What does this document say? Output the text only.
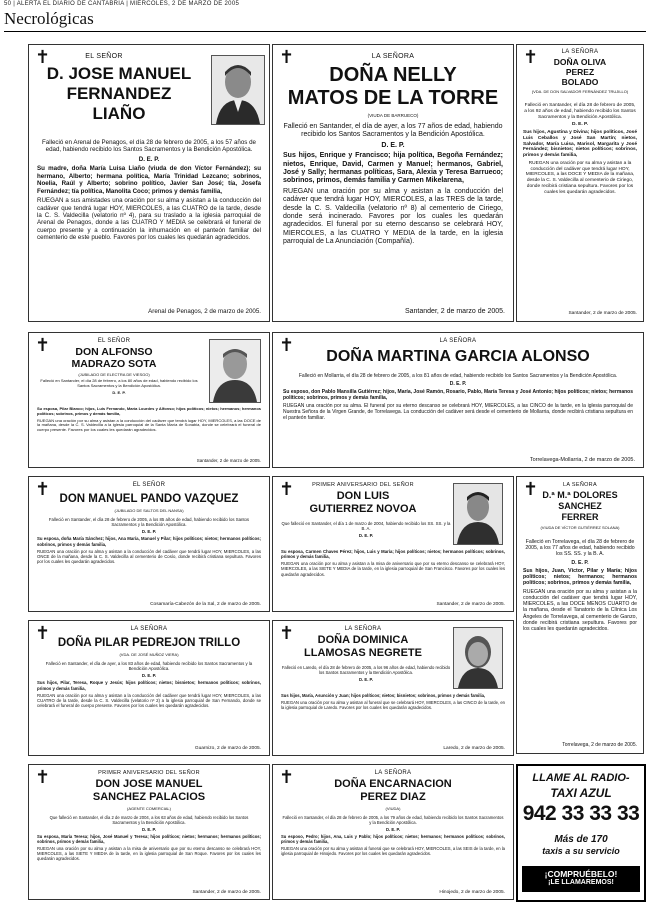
50 | ALERTA EL DIARIO DE CANTABRIA | MIÉRCOLES, 2 DE MARZO DE 2005
Necrológicas
✝	EL SEÑOR
D. JOSE MANUEL
FERNANDEZ
LIAÑO

Falleció en Arenal de Penagos, el día 28 de febrero de 2005, a los 57 años de edad, habiendo recibido los Santos Sacramentos y la Bendición Apostólica.

D. E. P.

Su madre, doña María Luisa Liaño (viuda de don Víctor Fernández); su hermano, Alberto; hermana política, María Trinidad Lezcano; sobrinos, Noelia, Raúl y Alberto; sobrino político, Javier San José; tía, Josefa Fernández; tía política, Manolita Coco; primos y demás familia,

RUEGAN a sus amistades una oración por su alma y asistan a la conducción del cadáver que tendrá lugar HOY, MIERCOLES, a las CUATRO de la tarde, desde la C. S. Valdecilla (velatorio nº 4), para su traslado a la iglesia parroquial de Arenal de Penagos, donde a las CUATRO Y MEDIA se celebrará el funeral de cuerpo presente y a continuación la inhumación en el panteón familiar del cementerio de este pueblo. Favores por los cuales les quedarán agradecidos.

Arenal de Penagos, 2 de marzo de 2005.
✝	LA SEÑORA
DOÑA NELLY
MATOS DE LA TORRE
(VIUDA DE BARRUECO)

Falleció en Santander, el día de ayer, a los 77 años de edad, habiendo recibido los Santos Sacramentos y la Bendición Apostólica.

D. E. P.

Sus hijos, Enrique y Francisco; hija política, Begoña Fernández; nietos, Enrique, David, Carmen y Manuel; hermanos, Gabriel, José y Sally; hermanas políticas, Sara, Alexia y Teresa Barrueco; sobrinos, primos, demás familia y Carmen Mikelarena,

RUEGAN una oración por su alma y asistan a la conducción del cadáver que tendrá lugar HOY, MIERCOLES, a las TRES de la tarde, desde la C. S. Valdecilla (velatorio nº 8) al cementerio de Ciriego, donde será incinerado. Favores por los cuales les quedarán agradecidos. El funeral por su eterno descanso se celebrará HOY, MIERCOLES, a las CUATRO Y MEDIA de la tarde, en la iglesia parroquial de La Anunciación (Compañía).

Santander, 2 de marzo de 2005.
✝	LA SEÑORA
DOÑA OLIVA
PEREZ
BOLADO
(VDA. DE DON SALVADOR FERNÁNDEZ TRUJILLO)

Falleció en Santander, el día 28 de febrero de 2005, a los 92 años de edad, habiendo recibido los Santos Sacramentos y la Bendición Apostólica.

D. E. P.

Sus hijos, Agustina y Divina; hijos políticos, José Luis Ceballos y José San Martín; nietos, Salvador, María Luisa, Marisol, Margarita y José Fernández; bisnietos; nietos políticos; sobrinos, primos y demás familia,

RUEGAN una oración por su alma y asistan a la conducción del cadáver que tendrá lugar HOY, MIERCOLES, a las DOCE Y MEDIA de la mañana, desde la C. S. Valdecilla al cementerio de Ciriego, donde recibirá cristiana sepultura. Favores por los cuales les quedarán agradecidos.

Santander, 2 de marzo de 2005.
✝	EL SEÑOR
DON ALFONSO
MADRAZO SOTA
(JUBILADO DE ELECTRA DE VIESGO)

Falleció en Santander, el día 28 de febrero, a los 80 años de edad, habiendo recibido los Santos Sacramentos y la Bendición Apostólica.

D. E. P.

Su esposa, Pilar Blanco; hijos, Luis Fernando, María Lourdes y Alfonso; hijos políticos; nietos; hermanos; hermanos políticos; sobrinos, primos y demás familia,

RUEGAN una oración por su alma y asistan a la conducción del cadáver que tendrá lugar HOY, MIERCOLES, a las DOCE de la mañana, desde la C. S. Valdecilla a la iglesia parroquial de la Santa María de Sonabia, donde se celebrará el funeral de cuerpo presente. Favores por los cuales les quedarán agradecidos.

Santander, 2 de marzo de 2005.
✝	LA SEÑORA
DOÑA MARTINA GARCIA ALONSO

Falleció en Mollarria, el día 28 de febrero de 2005, a los 81 años de edad, habiendo recibido los Santos Sacramentos y la Bendición Apostólica.

D. E. P.

Su esposo, don Pablo Mansilla Gutiérrez; hijos, María, José Ramón, Rosario, Pablo, María Teresa y José Antonio; hijos políticos; nietos; hermanos políticos; sobrinos, primos y demás familia,

RUEGAN una oración por su alma. El funeral por su eterno descanso se celebrará HOY, MIERCOLES, a las CINCO de la tarde, en la iglesia parroquial de Nuestra Señora de la Virgen Grande, de Torrelavega. La conducción del cadáver será desde el cementerio de Mollarria, donde recibirá cristiana sepultura en el panteón familiar.

Torrelavega-Mollarria, 2 de marzo de 2005.
✝	EL SEÑOR
DON MANUEL PANDO VAZQUEZ
(JUBILADO DE SALTOS DEL NANSA)

Falleció en Santander, el día 28 de febrero de 2005, a los 85 años de edad, habiendo recibido los Santos Sacramentos y la Bendición Apostólica.

D. E. P.

Su esposa, doña María Sánchez; hijos, Ana María, Manuel y Pilar; hijos políticos; nietos; hermanos políticos; sobrinos, primos y demás familia,

RUEGAN una oración por su alma y asistan a la conducción del cadáver que tendrá lugar HOY, MIERCOLES, a las ONCE de la mañana, desde la C. S. Valdecilla al cementerio de Cosío, donde recibirá cristiana sepultura. Favores por los cuales les quedarán agradecidos.

Cosamaría-Cabezón de la Sal, 2 de marzo de 2005.
✝	PRIMER ANIVERSARIO DEL SEÑOR
DON LUIS
GUTIERREZ NOVOA

Que falleció en Santander, el día 1 de marzo de 2004, habiendo recibido los SS. SS. y la B. A.

D. E. P.

Su esposa, Carmen Chaves Pérez; hijos, Luis y María; hijos políticos; nietos; hermanos políticos; sobrinos, primos y demás familia,

RUEGAN una oración por su alma y asistan a la misa de aniversario que por su eterno descanso se celebrará HOY, MIERCOLES, a las SIETE Y MEDIA de la tarde, en la iglesia parroquial de San Francisco. Favores por los cuales les quedarán agradecidos.

Santander, 2 de marzo de 2005.
✝	LA SEÑORA
D.ª M.ª DOLORES
SANCHEZ
FERRER
(VIUDA DE VÍCTOR GUTIÉRREZ SOLANA)

Falleció en Torrelavega, el día 28 de febrero de 2005, a los 77 años de edad, habiendo recibido los SS. SS. y la B. A.

D. E. P.

Sus hijos, Juan, Víctor, Pilar y María; hijos políticos; nietos; hermanos; hermanos políticos; sobrinos, primos y demás familia,

RUEGAN una oración por su alma y asistan a la conducción del cadáver que tendrá lugar HOY, MIERCOLES, a las DOCE MENOS CUARTO de la mañana, desde el Tanatorio de la Clínica Los Ángeles de Torrelavega, al cementerio de Ganzo, donde recibirá cristiana sepultura. Favores por los cuales les quedarán agradecidos.

Torrelavega, 2 de marzo de 2005.
✝	LA SEÑORA
DOÑA PILAR PEDREJON TRILLO
(VDA. DE JOSÉ MUÑOZ VIERA)

Falleció en Santander, el día de ayer, a los 83 años de edad, habiendo recibido los Santos Sacramentos y la Bendición Apostólica.

D. E. P.

Sus hijos, Pilar, Teresa, Roque y Jesús; hijos políticos; nietos; bisnietos; hermanos políticos; sobrinos, primos y demás familia,

RUEGAN una oración por su alma y asistan a la conducción del cadáver que tendrá lugar HOY, MIERCOLES, a las CUATRO de la tarde, desde la C. S. Valdecilla (velatorio nº 2) a la iglesia parroquial de San Fernando, donde se celebrará el funeral de cuerpo presente. Favores por los cuales les quedarán agradecidos.

Guarnizo, 2 de marzo de 2005.
✝	LA SEÑORA
DOÑA DOMINICA
LLAMOSAS NEGRETE

Falleció en Laredo, el día 28 de febrero de 2005, a los 96 años de edad, habiendo recibido los Santos Sacramentos y la Bendición Apostólica.

D. E. P.

Sus hijos, María, Asunción y Juan; hijos políticos; nietos; bisnietos; sobrinos, primos y demás familia,

RUEGAN una oración por su alma y asistan al funeral que se celebrará HOY, MIERCOLES, a las CINCO de la tarde, en la iglesia parroquial de Laredo. Favores por los cuales les quedarán agradecidos.

Laredo, 2 de marzo de 2005.
✝	PRIMER ANIVERSARIO DEL SEÑOR
DON JOSE MANUEL
SANCHEZ PALACIOS
(AGENTE COMERCIAL)

Que falleció en Santander, el día 2 de marzo de 2004, a los 63 años de edad, habiendo recibido los Santos Sacramentos y la Bendición Apostólica.

D. E. P.

Su esposa, María Teresa; hijos, José Manuel y Teresa; hijos políticos; nietos; hermanos; hermanos políticos; sobrinos, primos y demás familia,

RUEGAN una oración por su alma y asistan a la misa de aniversario que por su eterno descanso se celebrará HOY, MIERCOLES, a las SIETE Y MEDIA de la tarde, en la iglesia parroquial de San Roque. Favores por los cuales les quedarán agradecidos.

Santander, 2 de marzo de 2005.
✝	LA SEÑORA
DOÑA ENCARNACION
PEREZ DIAZ
(VIUDA)

Falleció en Santander, el día 28 de febrero de 2005, a los 79 años de edad, habiendo recibido los Santos Sacramentos y la Bendición Apostólica.

D. E. P.

Su esposo, Pedro; hijos, Ana, Luis y Pablo; hijos políticos; nietos; hermanos; hermanos políticos; sobrinos, primos y demás familia,

RUEGAN una oración por su alma y asistan al funeral que se celebrará HOY, MIERCOLES, a las SEIS de la tarde, en la iglesia parroquial de Hinojedo. Favores por los cuales les quedarán agradecidos.

Hinojedo, 2 de marzo de 2005.
LLAME AL RADIO-
TAXI AZUL
942 33 33 33
Más de 170
taxis a su servicio
¡COMPRUÉBELO!
¡LE LLAMAREMOS!
